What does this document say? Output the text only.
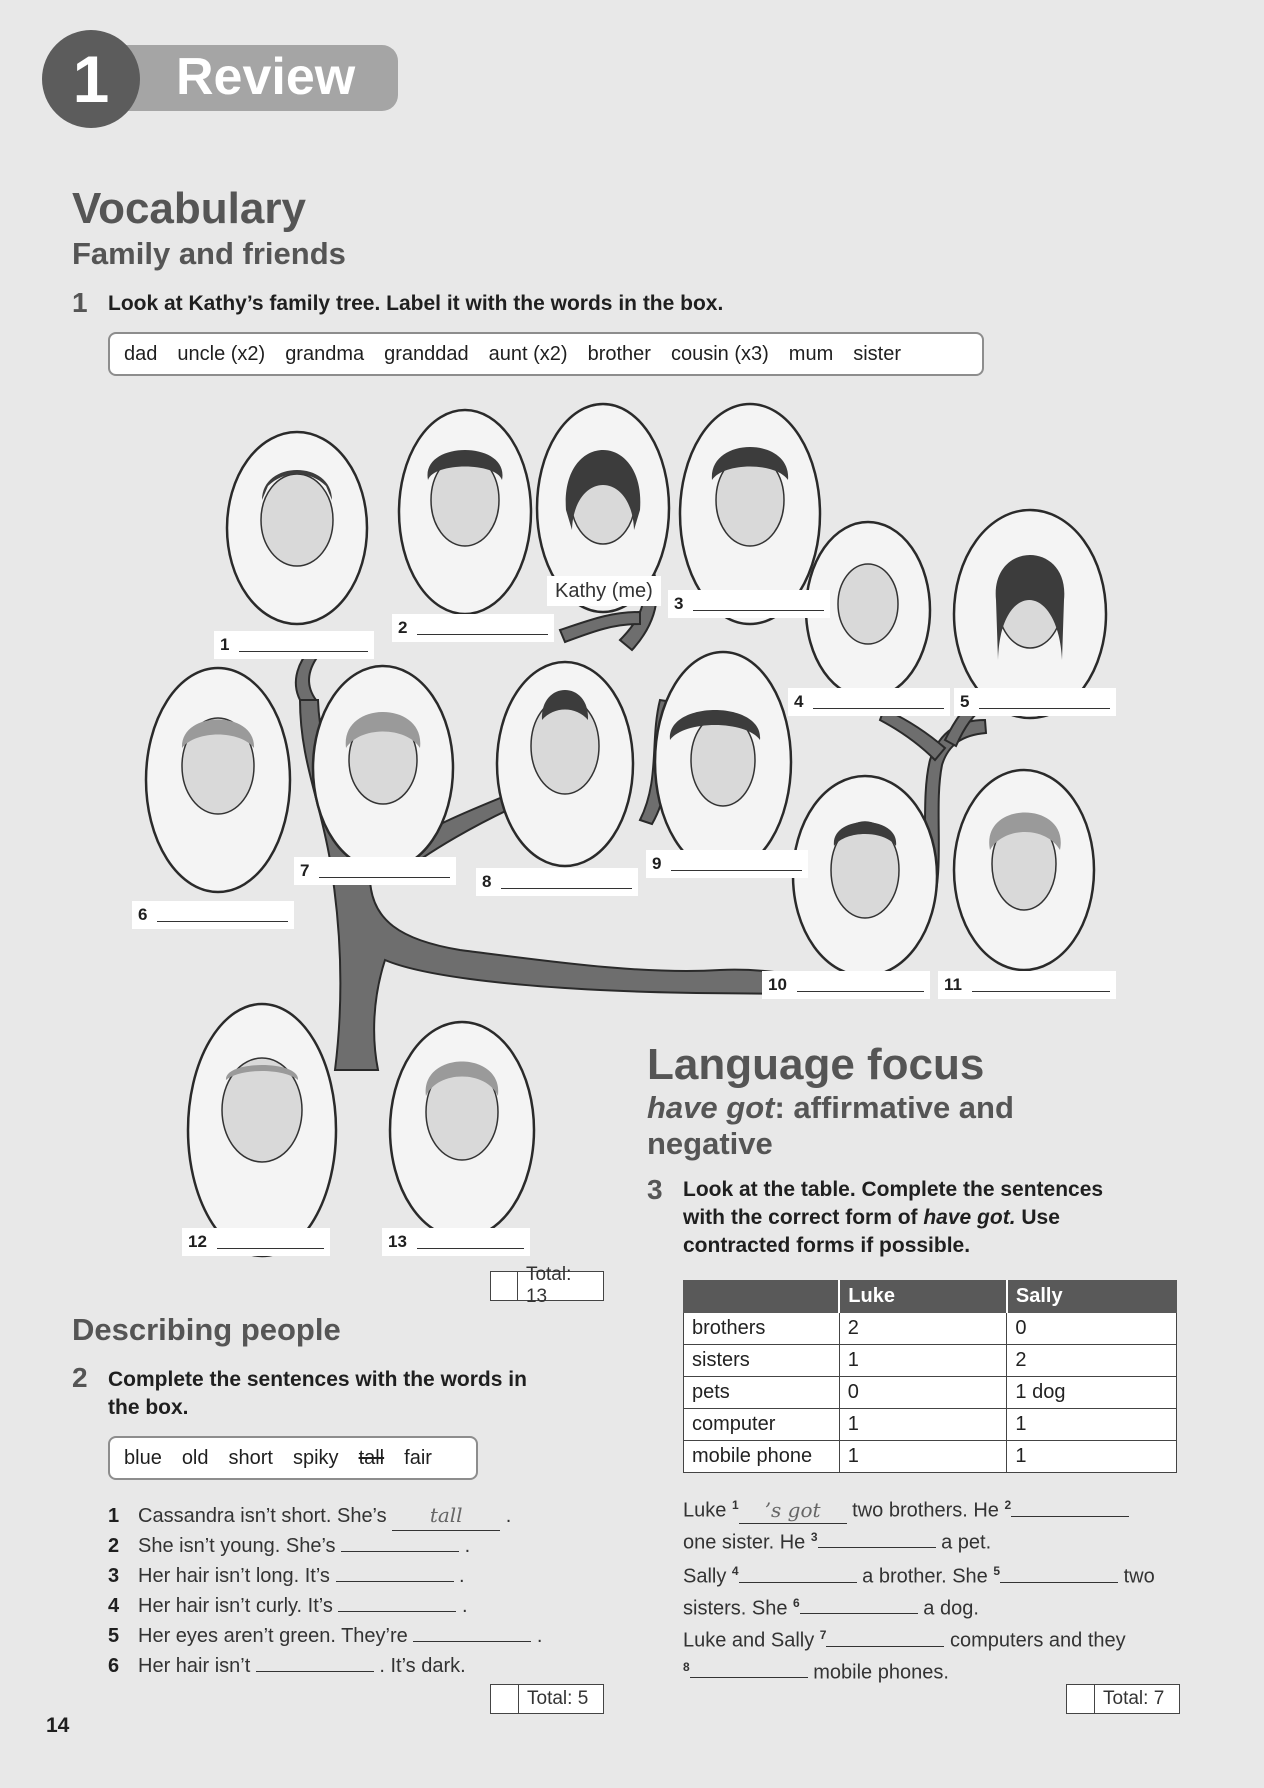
1	Review
Vocabulary
Family and friends
1 Look at Kathy’s family tree. Label it with the words in the box.
dad uncle (x2) grandma granddad aunt (x2) brother cousin (x3) mum sister
Kathy (me)
1
2
3
4	5
6
7
8
9
10	11
12	13
Total: 13
Describing people
2 Complete the sentences with the words in
the box.
blue old short spiky tall fair
1 Cassandra isn’t short. She’s tall .
2 She isn’t young. She’s	.
3 Her hair isn’t long. It’s	.
4 Her hair isn’t curly. It’s	.
5 Her eyes aren’t green. They’re	.
6 Her hair isn’t	. It’s dark.
Total: 5
Language focus
have got: affirmative and
negative
3 Look at the table. Complete the sentences
with the correct form of have got. Use
contracted forms if possible.
	Luke	Sally
brothers	2	0
sisters	1	2
pets	0	1 dog
computer	1	1
mobile phone	1	1
Luke $^1$ ’s got two brothers. He $^2$
one sister. He $^3$	a pet.
Sally $^4$	a brother. She $^5$	two
sisters. She $^6$	a dog.
Luke and Sally $^7$	computers and they
$^8$	mobile phones.
Total: 7
14
